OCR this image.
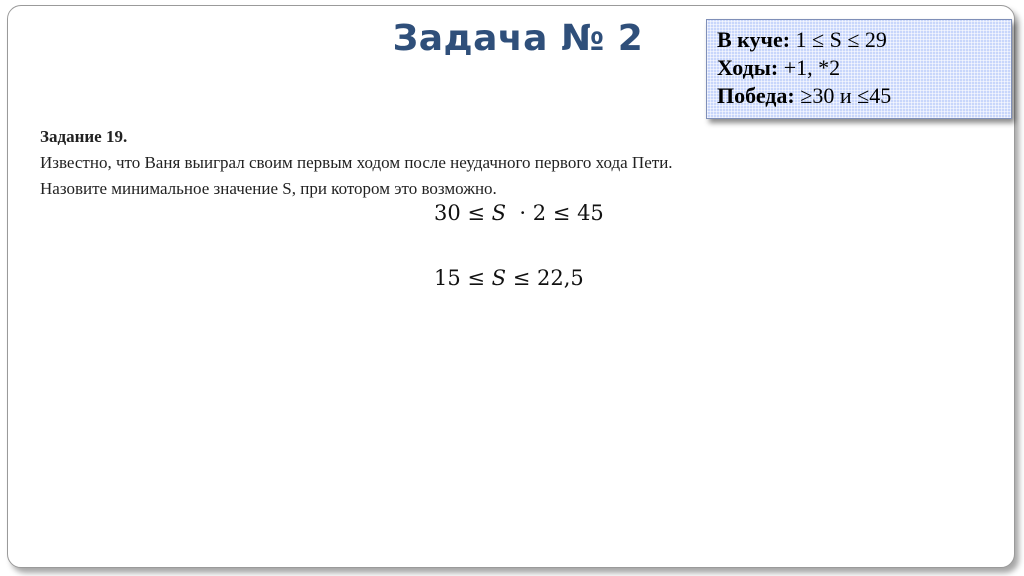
Задача № 2	В куче: 1 ≤ S ≤ 29
Ходы: +1, *2
Победа: ≥30 и ≤45
Задание 19.
Известно, что Ваня выиграл своим первым ходом после неудачного первого хода Пети.
Назовите минимальное значение S, при котором это возможно.
30 ≤ S  · 2 ≤ 45
15 ≤ S ≤ 22,5
